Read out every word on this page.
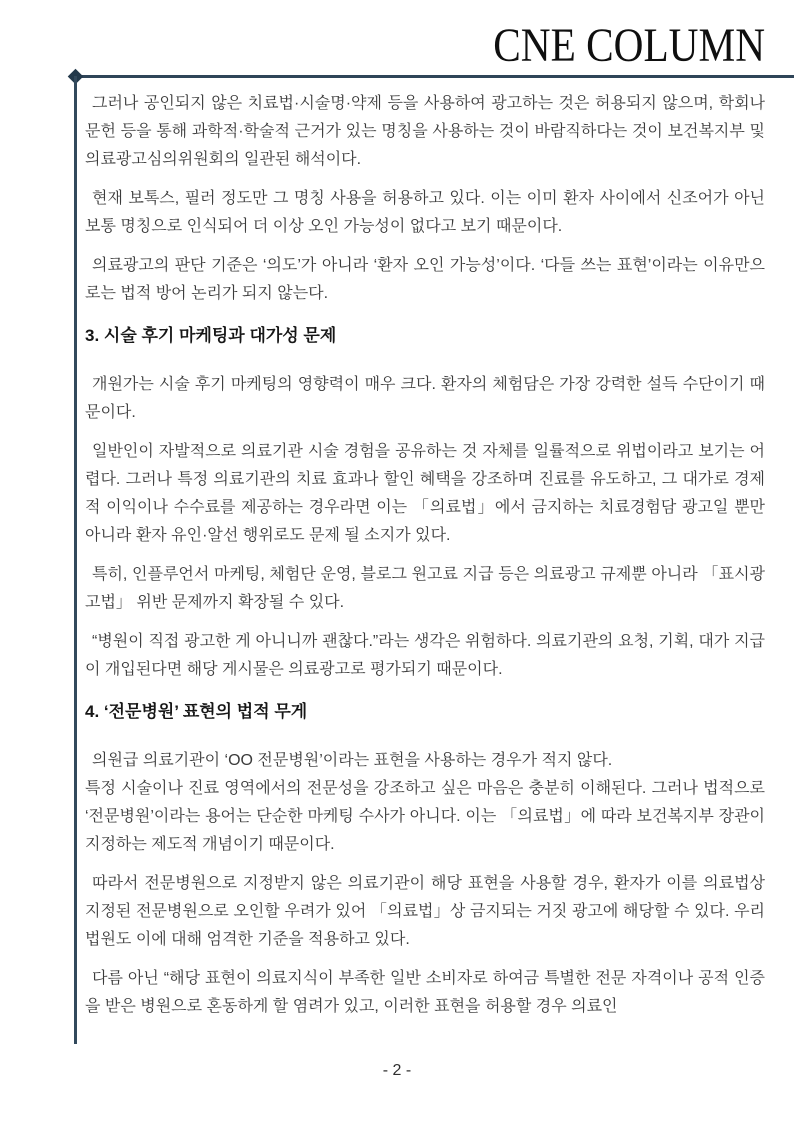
CNE COLUMN

그러나 공인되지 않은 치료법·시술명·약제 등을 사용하여 광고하는 것은 허용되지 않으며, 학회나 문헌 등을 통해 과학적·학술적 근거가 있는 명칭을 사용하는 것이 바람직하다는 것이 보건복지부 및 의료광고심의위원회의 일관된 해석이다.

현재 보톡스, 필러 정도만 그 명칭 사용을 허용하고 있다. 이는 이미 환자 사이에서 신조어가 아닌 보통 명칭으로 인식되어 더 이상 오인 가능성이 없다고 보기 때문이다.

의료광고의 판단 기준은 ‘의도’가 아니라 ‘환자 오인 가능성’이다. ‘다들 쓰는 표현’이라는 이유만으로는 법적 방어 논리가 되지 않는다.

3. 시술 후기 마케팅과 대가성 문제

개원가는 시술 후기 마케팅의 영향력이 매우 크다. 환자의 체험담은 가장 강력한 설득 수단이기 때문이다.

일반인이 자발적으로 의료기관 시술 경험을 공유하는 것 자체를 일률적으로 위법이라고 보기는 어렵다. 그러나 특정 의료기관의 치료 효과나 할인 혜택을 강조하며 진료를 유도하고, 그 대가로 경제적 이익이나 수수료를 제공하는 경우라면 이는 「의료법」에서 금지하는 치료경험담 광고일 뿐만 아니라 환자 유인·알선 행위로도 문제 될 소지가 있다.

특히, 인플루언서 마케팅, 체험단 운영, 블로그 원고료 지급 등은 의료광고 규제뿐 아니라 「표시광고법」 위반 문제까지 확장될 수 있다.

“병원이 직접 광고한 게 아니니까 괜찮다.”라는 생각은 위험하다. 의료기관의 요청, 기획, 대가 지급이 개입된다면 해당 게시물은 의료광고로 평가되기 때문이다.

4. ‘전문병원’ 표현의 법적 무게

의원급 의료기관이 ‘OO 전문병원’이라는 표현을 사용하는 경우가 적지 않다.

특정 시술이나 진료 영역에서의 전문성을 강조하고 싶은 마음은 충분히 이해된다. 그러나 법적으로 ‘전문병원’이라는 용어는 단순한 마케팅 수사가 아니다. 이는 「의료법」에 따라 보건복지부 장관이 지정하는 제도적 개념이기 때문이다.

따라서 전문병원으로 지정받지 않은 의료기관이 해당 표현을 사용할 경우, 환자가 이를 의료법상 지정된 전문병원으로 오인할 우려가 있어 「의료법」상 금지되는 거짓 광고에 해당할 수 있다. 우리 법원도 이에 대해 엄격한 기준을 적용하고 있다.

다름 아닌 “해당 표현이 의료지식이 부족한 일반 소비자로 하여금 특별한 전문 자격이나 공적 인증을 받은 병원으로 혼동하게 할 염려가 있고, 이러한 표현을 허용할 경우 의료인

- 2 -
